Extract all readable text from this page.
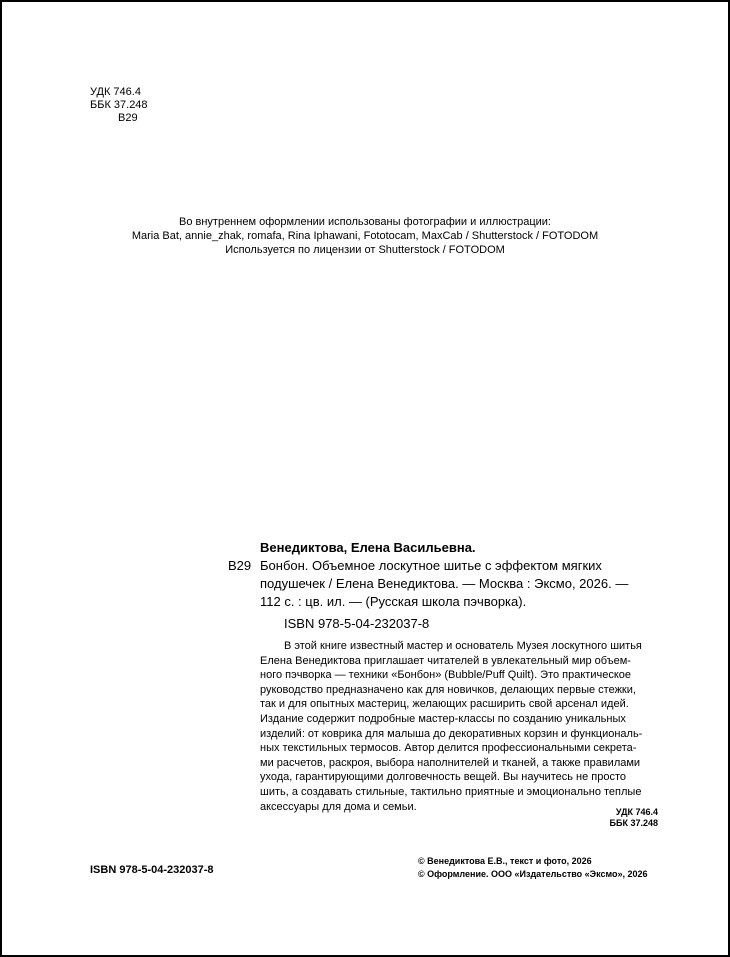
УДК 746.4
ББК 37.248
В29
Во внутреннем оформлении использованы фотографии и иллюстрации:
Maria Bat, annie_zhak, romafa, Rina Iphawani, Fototocam, MaxCab / Shutterstock / FOTODOM
Используется по лицензии от Shutterstock / FOTODOM
В29
Венедиктова, Елена Васильевна.
Бонбон. Объемное лоскутное шитье с эффектом мягких
подушечек / Елена Венедиктова. — Москва : Эксмо, 2026. —
112 с. : цв. ил. — (Русская школа пэчворка).
ISBN 978-5-04-232037-8
В этой книге известный мастер и основатель Музея лоскутного шитья
Елена Венедиктова приглашает читателей в увлекательный мир объем-
ного пэчворка — техники «Бонбон» (Bubble/Puff Quilt). Это практическое
руководство предназначено как для новичков, делающих первые стежки,
так и для опытных мастериц, желающих расширить свой арсенал идей.
Издание содержит подробные мастер-классы по созданию уникальных
изделий: от коврика для малыша до декоративных корзин и функциональ-
ных текстильных термосов. Автор делится профессиональными секрета-
ми расчетов, раскроя, выбора наполнителей и тканей, а также правилами
ухода, гарантирующими долговечность вещей. Вы научитесь не просто
шить, а создавать стильные, тактильно приятные и эмоционально теплые
аксессуары для дома и семьи.	УДК 746.4
ББК 37.248
ISBN 978-5-04-232037-8
© Венедиктова Е.В., текст и фото, 2026
© Оформление. ООО «Издательство «Эксмо», 2026
